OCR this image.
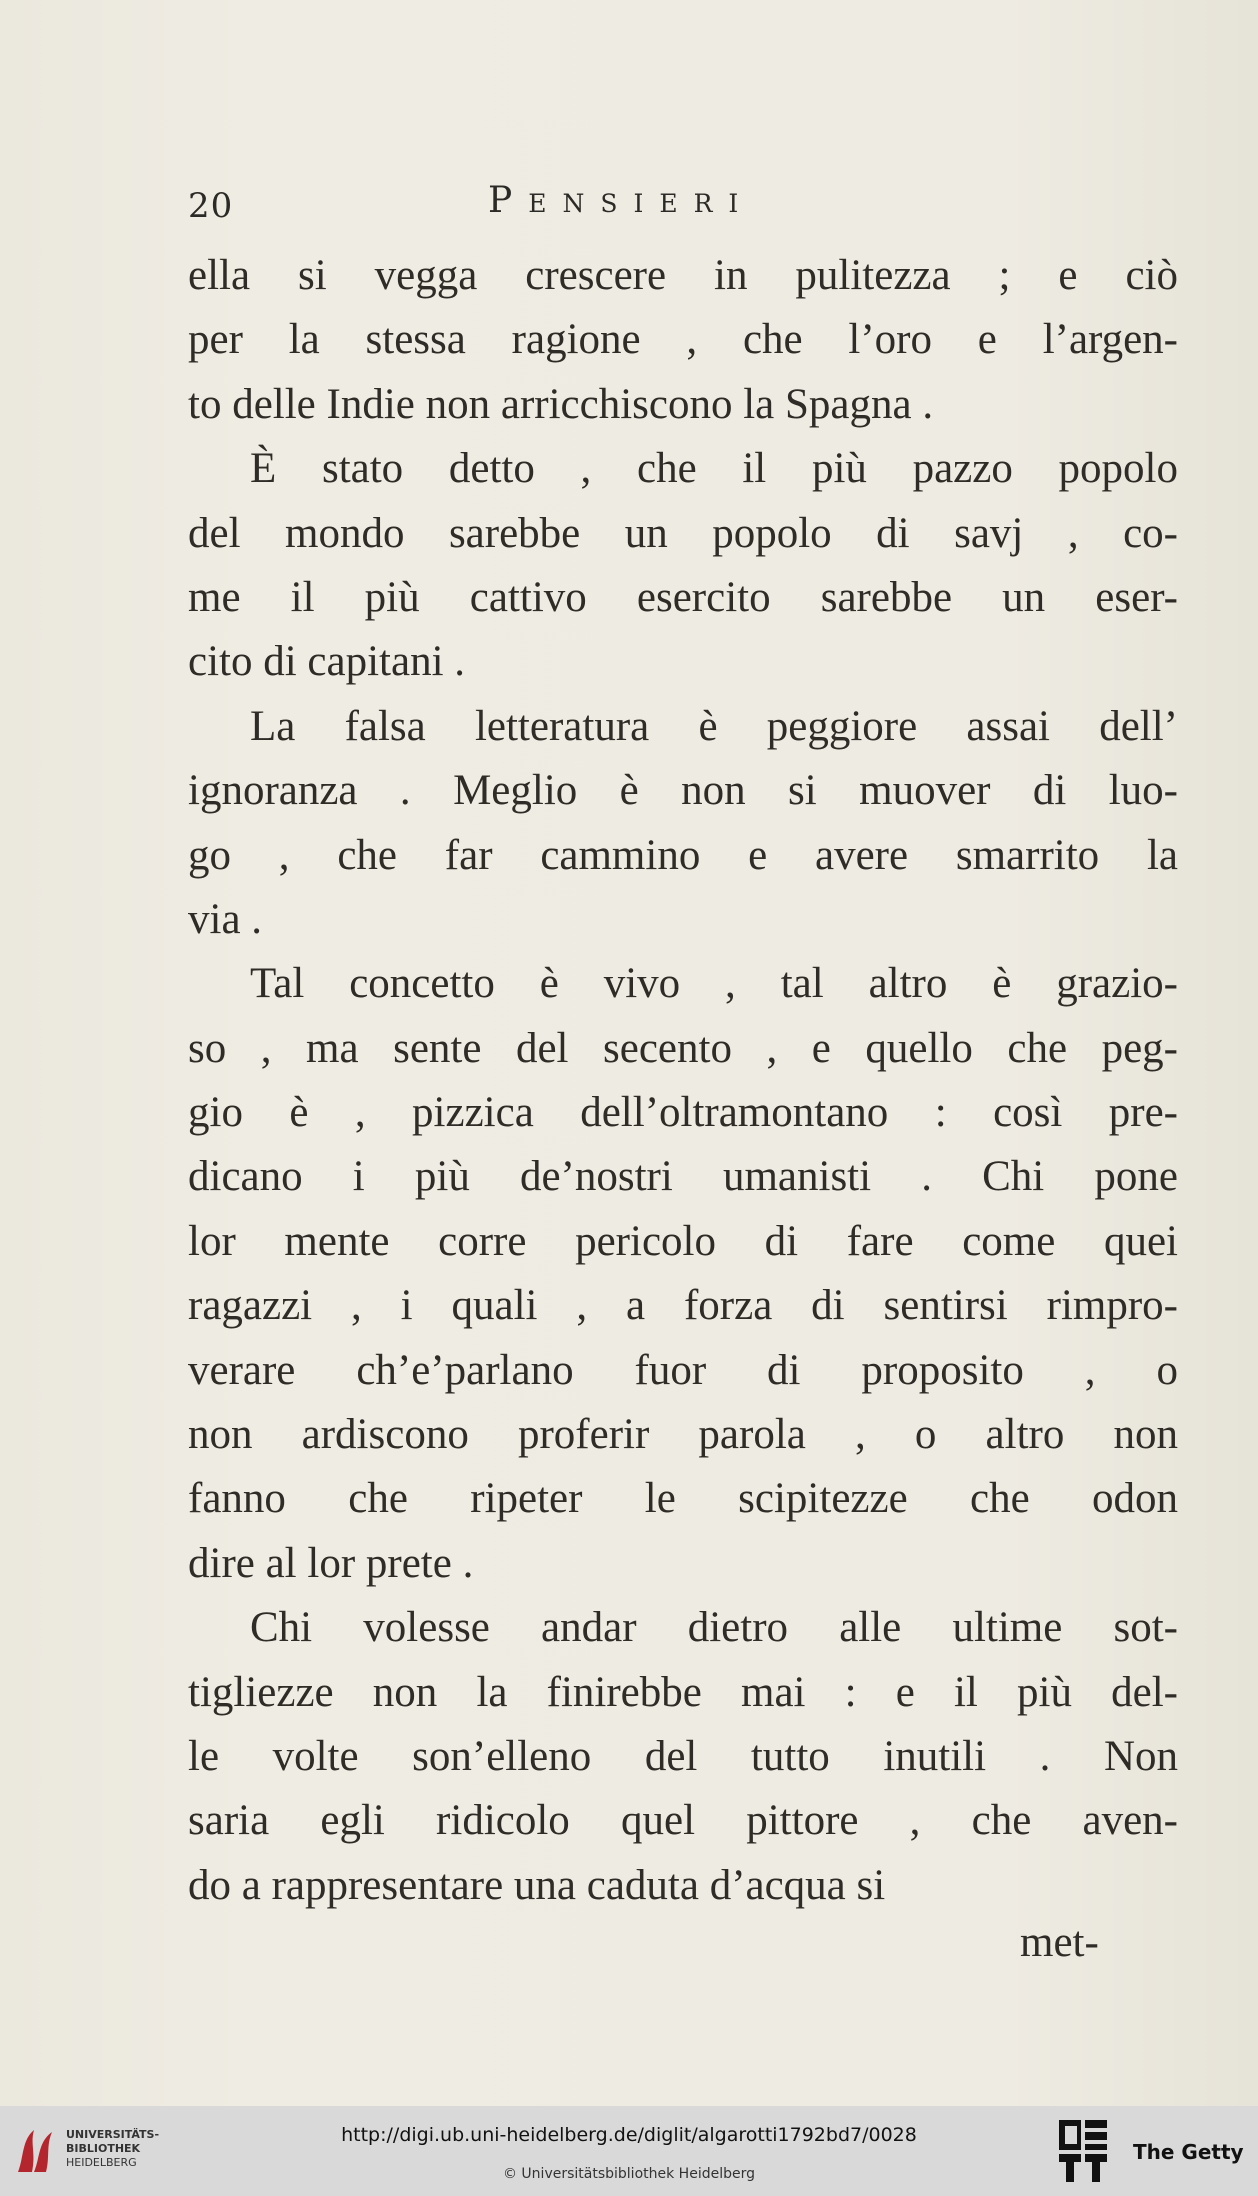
20	Pensieri
ella si vegga crescere in pulitezza ; e ciò
per la stessa ragione , che l’oro e l’argen-
to delle Indie non arricchiscono la Spagna .
È stato detto , che il più pazzo popolo
del mondo sarebbe un popolo di savj , co-
me il più cattivo esercito sarebbe un eser-
cito di capitani .
La falsa letteratura è peggiore assai dell’
ignoranza . Meglio è non si muover di luo-
go , che far cammino e avere smarrito la
via .
Tal concetto è vivo , tal altro è grazio-
so , ma sente del secento , e quello che peg-
gio è , pizzica dell’oltramontano : così pre-
dicano i più de’nostri umanisti . Chi pone
lor mente corre pericolo di fare come quei
ragazzi , i quali , a forza di sentirsi rimpro-
verare ch’e’parlano fuor di proposito , o
non ardiscono proferir parola , o altro non
fanno che ripeter le scipitezze che odon
dire al lor prete .
Chi volesse andar dietro alle ultime sot-
tigliezze non la finirebbe mai : e il più del-
le volte son’elleno del tutto inutili . Non
saria egli ridicolo quel pittore , che aven-
do a rappresentare una caduta d’acqua si
met-
UNIVERSITÄTS-
BIBLIOTHEK
HEIDELBERG
http://digi.ub.uni-heidelberg.de/diglit/algarotti1792bd7/0028
© Universitätsbibliothek Heidelberg
The Getty
